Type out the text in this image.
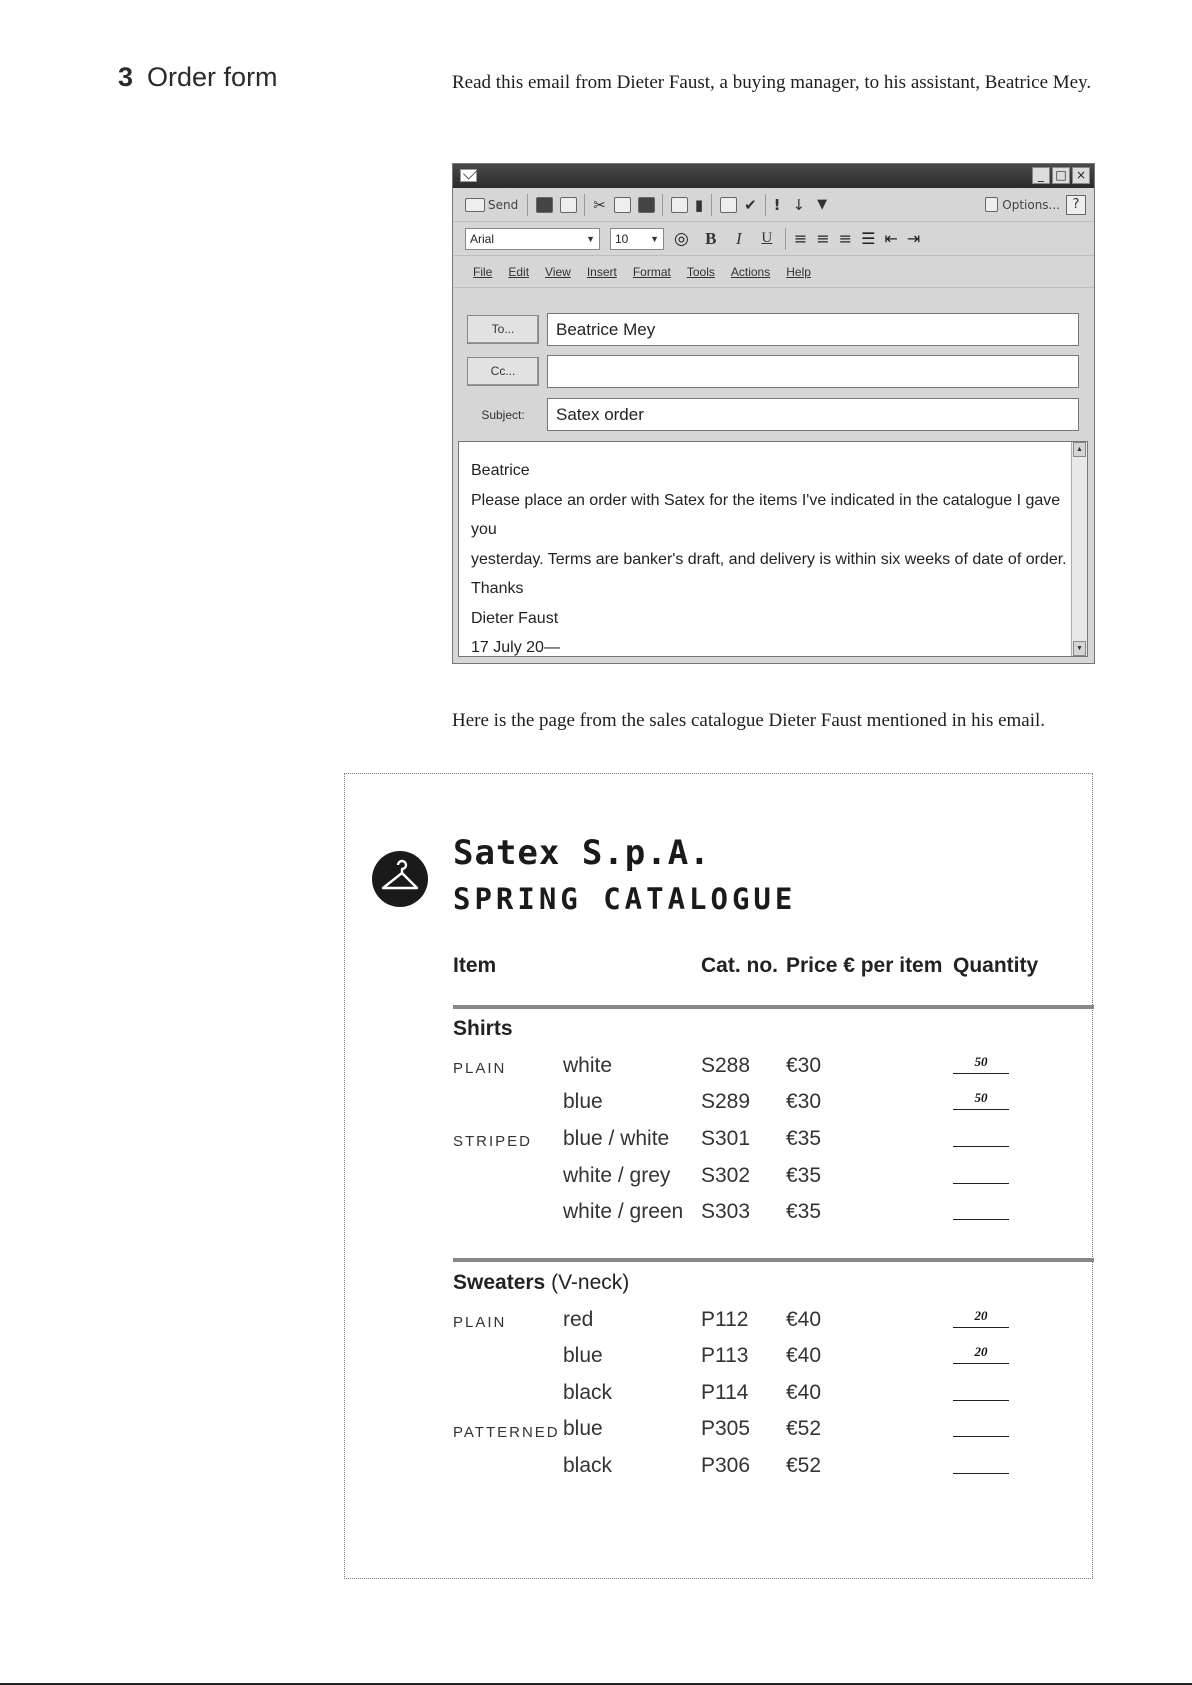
3 Order form	Read this email from Dieter Faust, a buying manager, to his assistant, Beatrice Mey.
_ □ ×
Send	✂	▮	✔ ! ↓ ▼	Options... ?
Arial	▼ 10 ▼ ◎ B	I	U ≡ ≡ ≡ ☰ ⇤ ⇥
File Edit View Insert Format Tools Actions Help
To...	Beatrice Mey
Cc...
Subject:	Satex order
Beatrice
Please place an order with Satex for the items I've indicated in the catalogue I gave you
yesterday. Terms are banker's draft, and delivery is within six weeks of date of order.
Thanks
Dieter Faust
17 July 20—
▲
▼
Here is the page from the sales catalogue Dieter Faust mentioned in his email.
Satex S.p.A.
SPRING CATALOGUE
Item	Cat. no. Price € per item Quantity
Shirts
PLAIN
STRIPED
white	S288 €30	50
blue	S289 €30	50
blue / white S301 €35
white / grey S302 €35
white / green S303 €35
Sweaters (V-neck)
PLAIN
PATTERNED
red	P112 €40	20
blue	P113 €40	20
black	P114 €40
blue	P305 €52
black	P306 €52
